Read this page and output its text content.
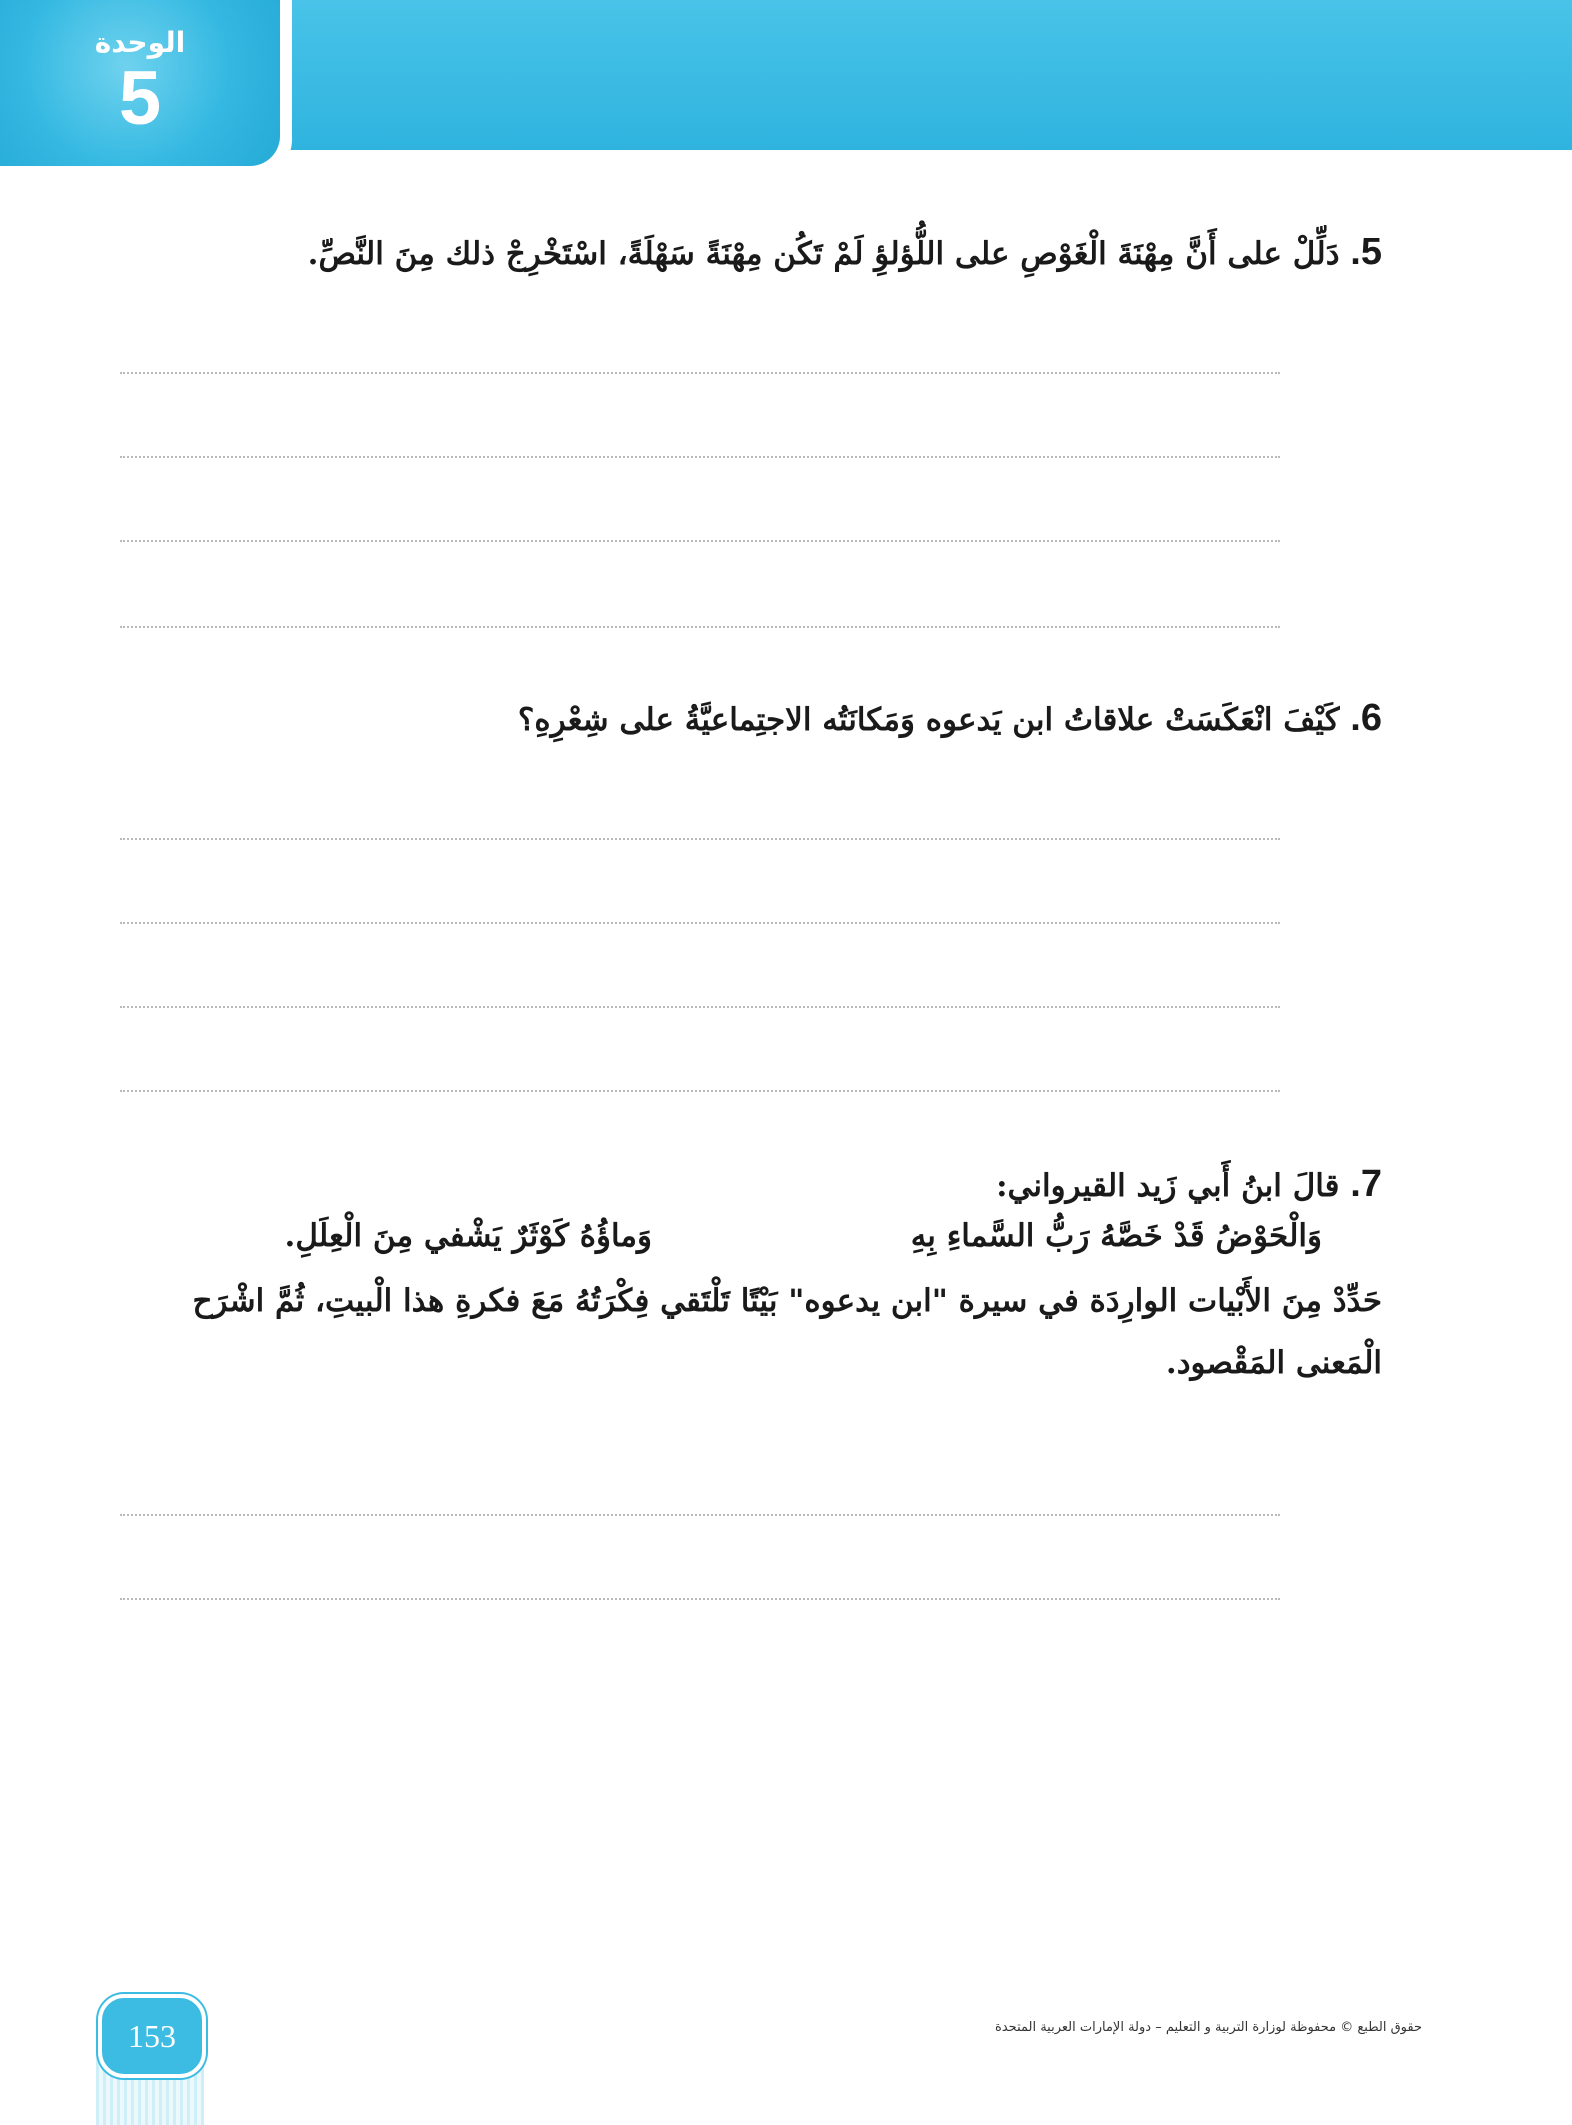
الوحدة
5
5. دَلِّلْ على أَنَّ مِهْنَةَ الْغَوْصِ على اللُّؤلؤِ لَمْ تَكُن مِهْنَةً سَهْلَةً، اسْتَخْرِجْ ذلك مِنَ النَّصِّ.
6. كَيْفَ انْعَكَسَتْ علاقاتُ ابن يَدعوه وَمَكانَتُه الاجتِماعيَّةُ على شِعْرِهِ؟
7. قالَ ابنُ أَبي زَيد القيرواني:
وَالْحَوْضُ قَدْ خَصَّهُ رَبُّ السَّماءِ بِهِ
وَماؤُهُ كَوْثَرٌ يَشْفي مِنَ الْعِلَلِ.
حَدِّدْ مِنَ الأَبْيات الوارِدَة في سيرة "ابن يدعوه" بَيْتًا تَلْتَقي فِكْرَتُهُ مَعَ فكرةِ هذا الْبيتِ، ثُمَّ اشْرَح الْمَعنى المَقْصود.
153	حقوق الطبع © محفوظة لوزارة التربية و التعليم – دولة الإمارات العربية المتحدة
